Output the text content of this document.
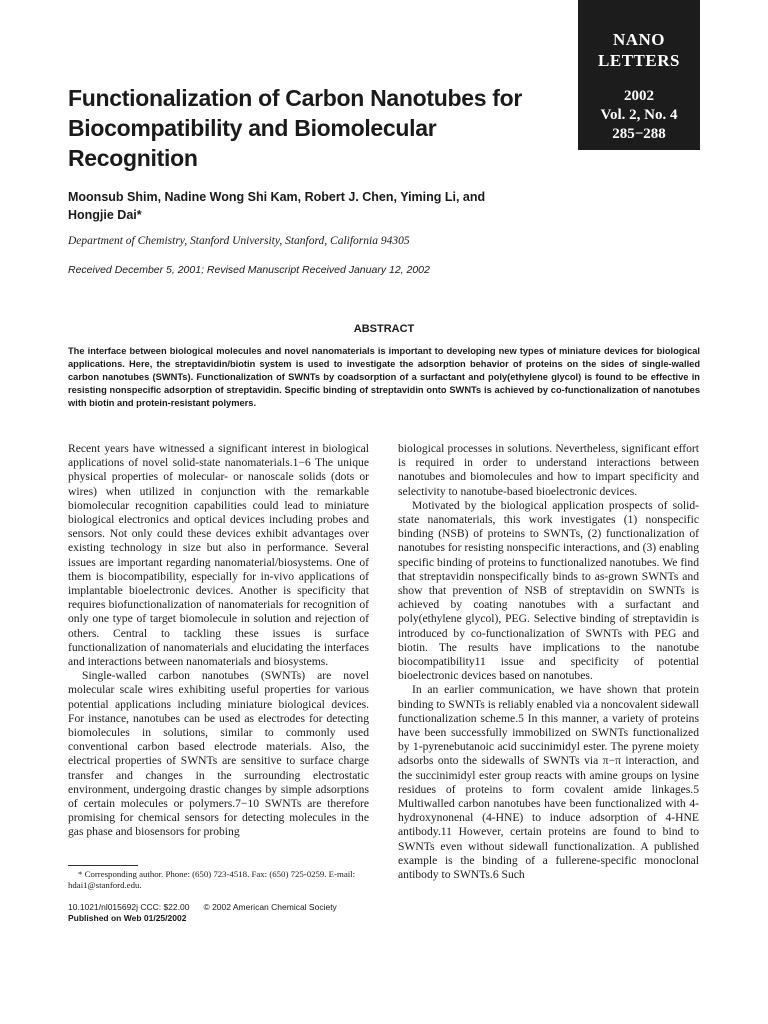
NANO
LETTERS
2002
Vol. 2, No. 4
285−288
Functionalization of Carbon Nanotubes for Biocompatibility and Biomolecular Recognition
Moonsub Shim, Nadine Wong Shi Kam, Robert J. Chen, Yiming Li, and Hongjie Dai*
Department of Chemistry, Stanford University, Stanford, California 94305
Received December 5, 2001; Revised Manuscript Received January 12, 2002
ABSTRACT
The interface between biological molecules and novel nanomaterials is important to developing new types of miniature devices for biological applications. Here, the streptavidin/biotin system is used to investigate the adsorption behavior of proteins on the sides of single-walled carbon nanotubes (SWNTs). Functionalization of SWNTs by coadsorption of a surfactant and poly(ethylene glycol) is found to be effective in resisting nonspecific adsorption of streptavidin. Specific binding of streptavidin onto SWNTs is achieved by co-functionalization of nanotubes with biotin and protein-resistant polymers.

Recent years have witnessed a significant interest in biological applications of novel solid-state nanomaterials.1−6 The unique physical properties of molecular- or nanoscale solids (dots or wires) when utilized in conjunction with the remarkable biomolecular recognition capabilities could lead to miniature biological electronics and optical devices including probes and sensors. Not only could these devices exhibit advantages over existing technology in size but also in performance. Several issues are important regarding nanomaterial/biosystems. One of them is biocompatibility, especially for in-vivo applications of implantable bioelectronic devices. Another is specificity that requires biofunctionalization of nanomaterials for recognition of only one type of target biomolecule in solution and rejection of others. Central to tackling these issues is surface functionalization of nanomaterials and elucidating the interfaces and interactions between nanomaterials and biosystems.

Single-walled carbon nanotubes (SWNTs) are novel molecular scale wires exhibiting useful properties for various potential applications including miniature biological devices. For instance, nanotubes can be used as electrodes for detecting biomolecules in solutions, similar to commonly used conventional carbon based electrode materials. Also, the electrical properties of SWNTs are sensitive to surface charge transfer and changes in the surrounding electrostatic environment, undergoing drastic changes by simple adsorptions of certain molecules or polymers.7−10 SWNTs are therefore promising for chemical sensors for detecting molecules in the gas phase and biosensors for probing

biological processes in solutions. Nevertheless, significant effort is required in order to understand interactions between nanotubes and biomolecules and how to impart specificity and selectivity to nanotube-based bioelectronic devices.

Motivated by the biological application prospects of solid-state nanomaterials, this work investigates (1) nonspecific binding (NSB) of proteins to SWNTs, (2) functionalization of nanotubes for resisting nonspecific interactions, and (3) enabling specific binding of proteins to functionalized nanotubes. We find that streptavidin nonspecifically binds to as-grown SWNTs and show that prevention of NSB of streptavidin on SWNTs is achieved by coating nanotubes with a surfactant and poly(ethylene glycol), PEG. Selective binding of streptavidin is introduced by co-functionalization of SWNTs with PEG and biotin. The results have implications to the nanotube biocompatibility11 issue and specificity of potential bioelectronic devices based on nanotubes.

In an earlier communication, we have shown that protein binding to SWNTs is reliably enabled via a noncovalent sidewall functionalization scheme.5 In this manner, a variety of proteins have been successfully immobilized on SWNTs functionalized by 1-pyrenebutanoic acid succinimidyl ester. The pyrene moiety adsorbs onto the sidewalls of SWNTs via π−π interaction, and the succinimidyl ester group reacts with amine groups on lysine residues of proteins to form covalent amide linkages.5 Multiwalled carbon nanotubes have been functionalized with 4-hydroxynonenal (4-HNE) to induce adsorption of 4-HNE antibody.11 However, certain proteins are found to bind to SWNTs even without sidewall functionalization. A published example is the binding of a fullerene-specific monoclonal antibody to SWNTs.6 Such

* Corresponding author. Phone: (650) 723-4518. Fax: (650) 725-0259. E-mail: hdai1@stanford.edu.
10.1021/nl015692j CCC: $22.00 © 2002 American Chemical Society
Published on Web 01/25/2002
